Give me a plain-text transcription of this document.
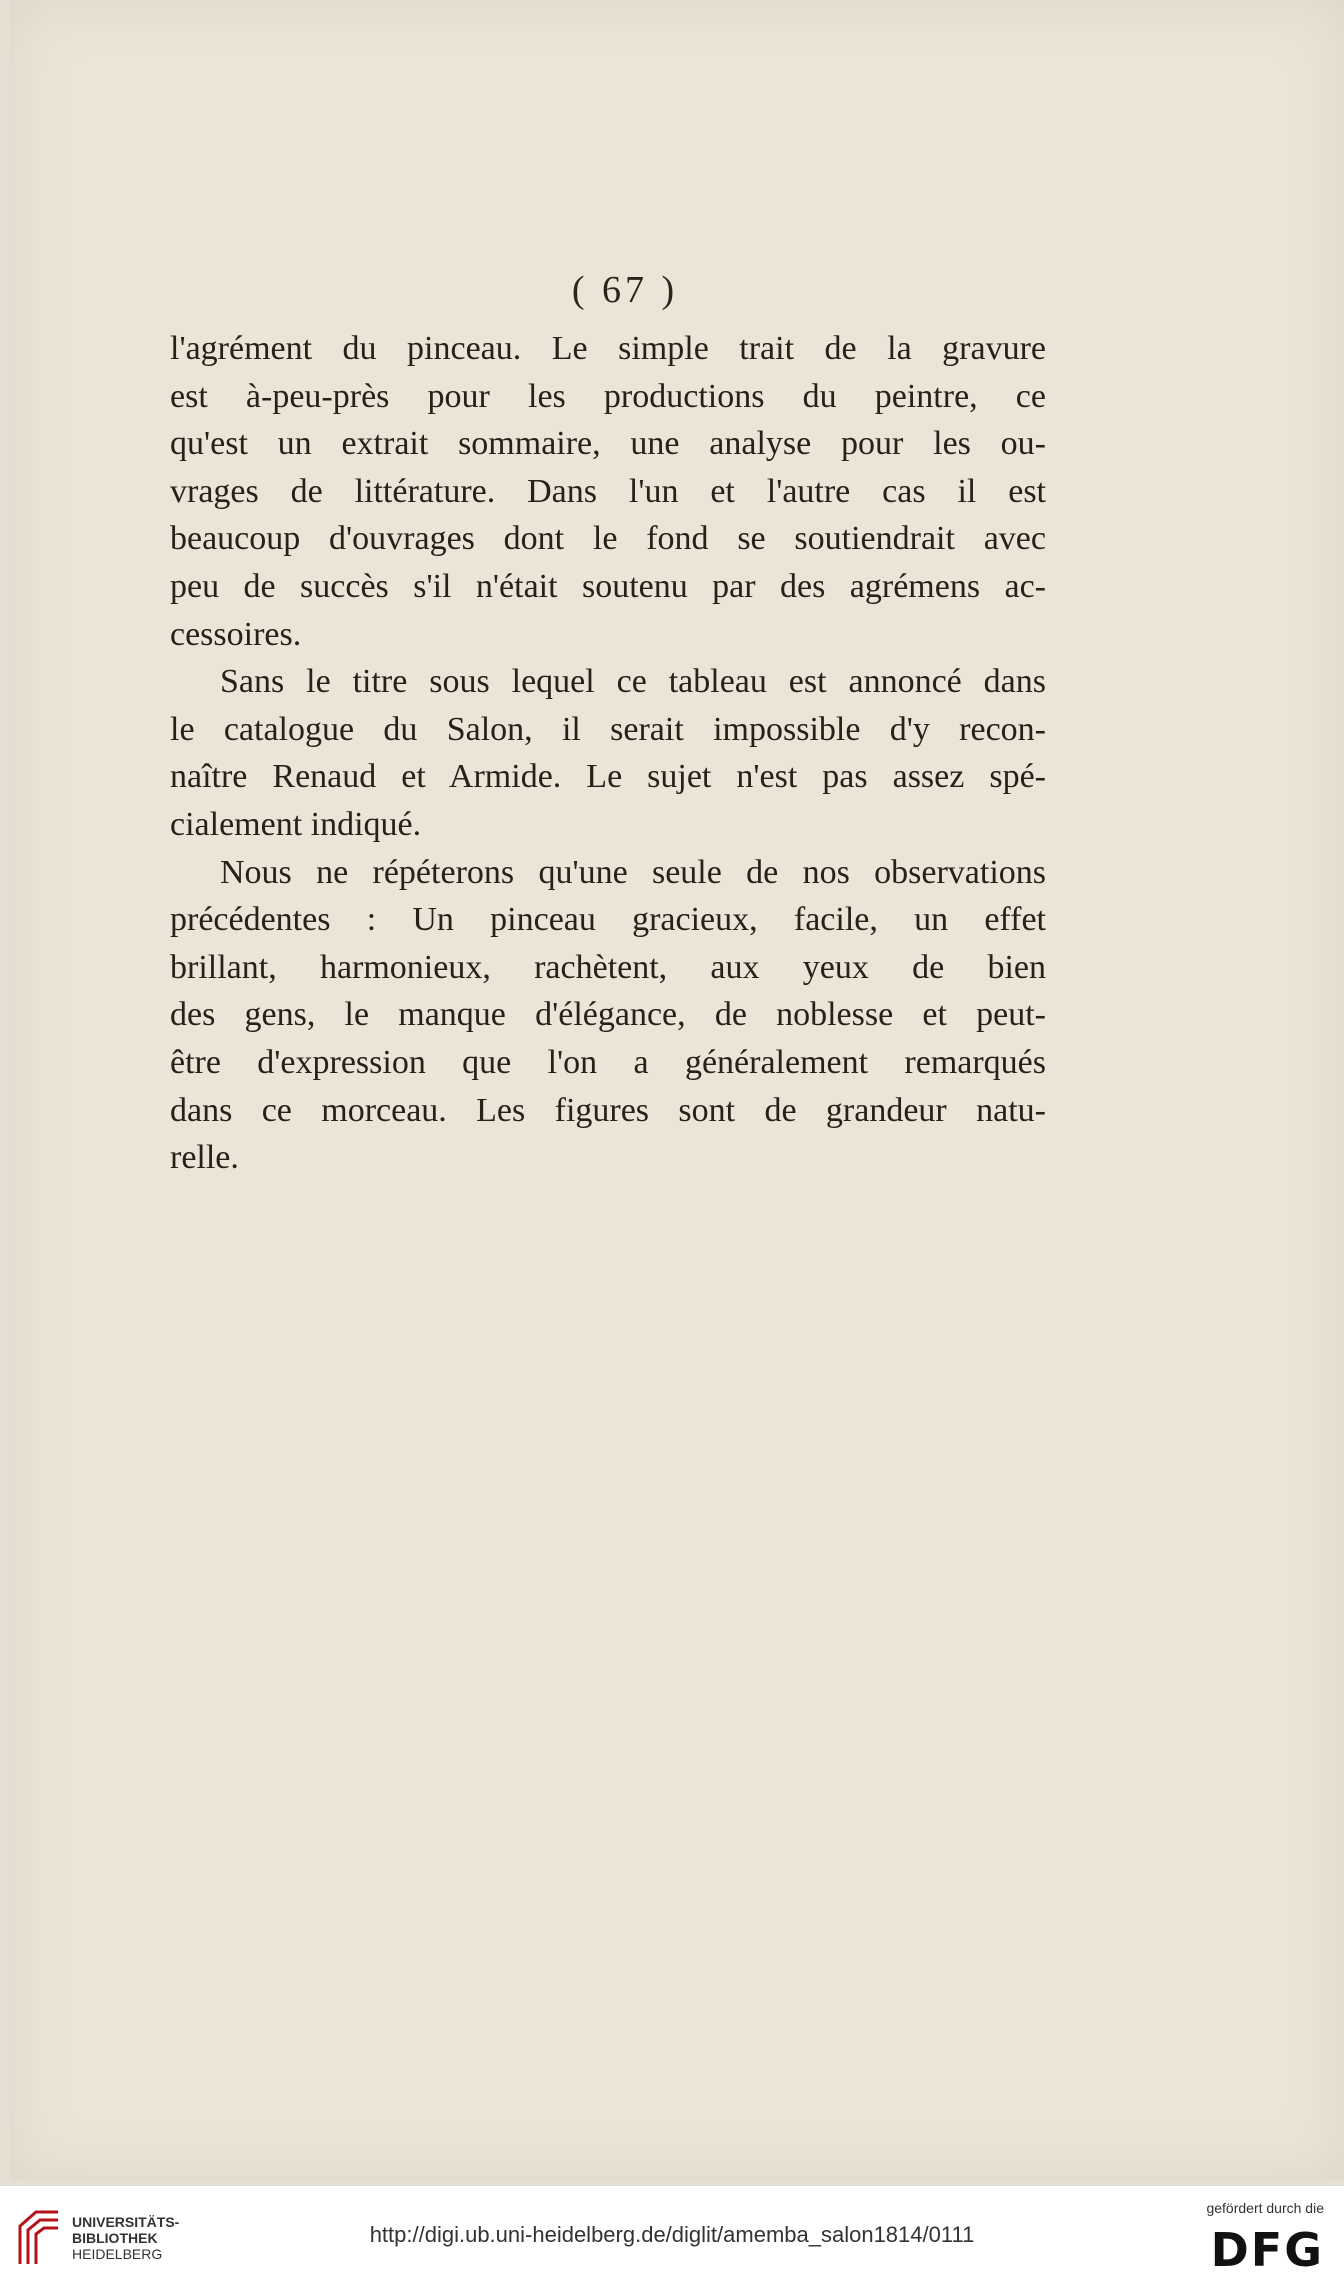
( 67 )
l'agrément du pinceau. Le simple trait de la gravure
est à-peu-près pour les productions du peintre, ce
qu'est un extrait sommaire, une analyse pour les ou-
vrages de littérature. Dans l'un et l'autre cas il est
beaucoup d'ouvrages dont le fond se soutiendrait avec
peu de succès s'il n'était soutenu par des agrémens ac-
cessoires.
Sans le titre sous lequel ce tableau est annoncé dans
le catalogue du Salon, il serait impossible d'y recon-
naître Renaud et Armide. Le sujet n'est pas assez spé-
cialement indiqué.
Nous ne répéterons qu'une seule de nos observations
précédentes : Un pinceau gracieux, facile, un effet
brillant, harmonieux, rachètent, aux yeux de bien
des gens, le manque d'élégance, de noblesse et peut-
être d'expression que l'on a généralement remarqués
dans ce morceau. Les figures sont de grandeur natu-
relle.
UNIVERSITÄTS-
BIBLIOTHEK
HEIDELBERG
http://digi.ub.uni-heidelberg.de/diglit/amemba_salon1814/0111
gefördert durch die
DFG
